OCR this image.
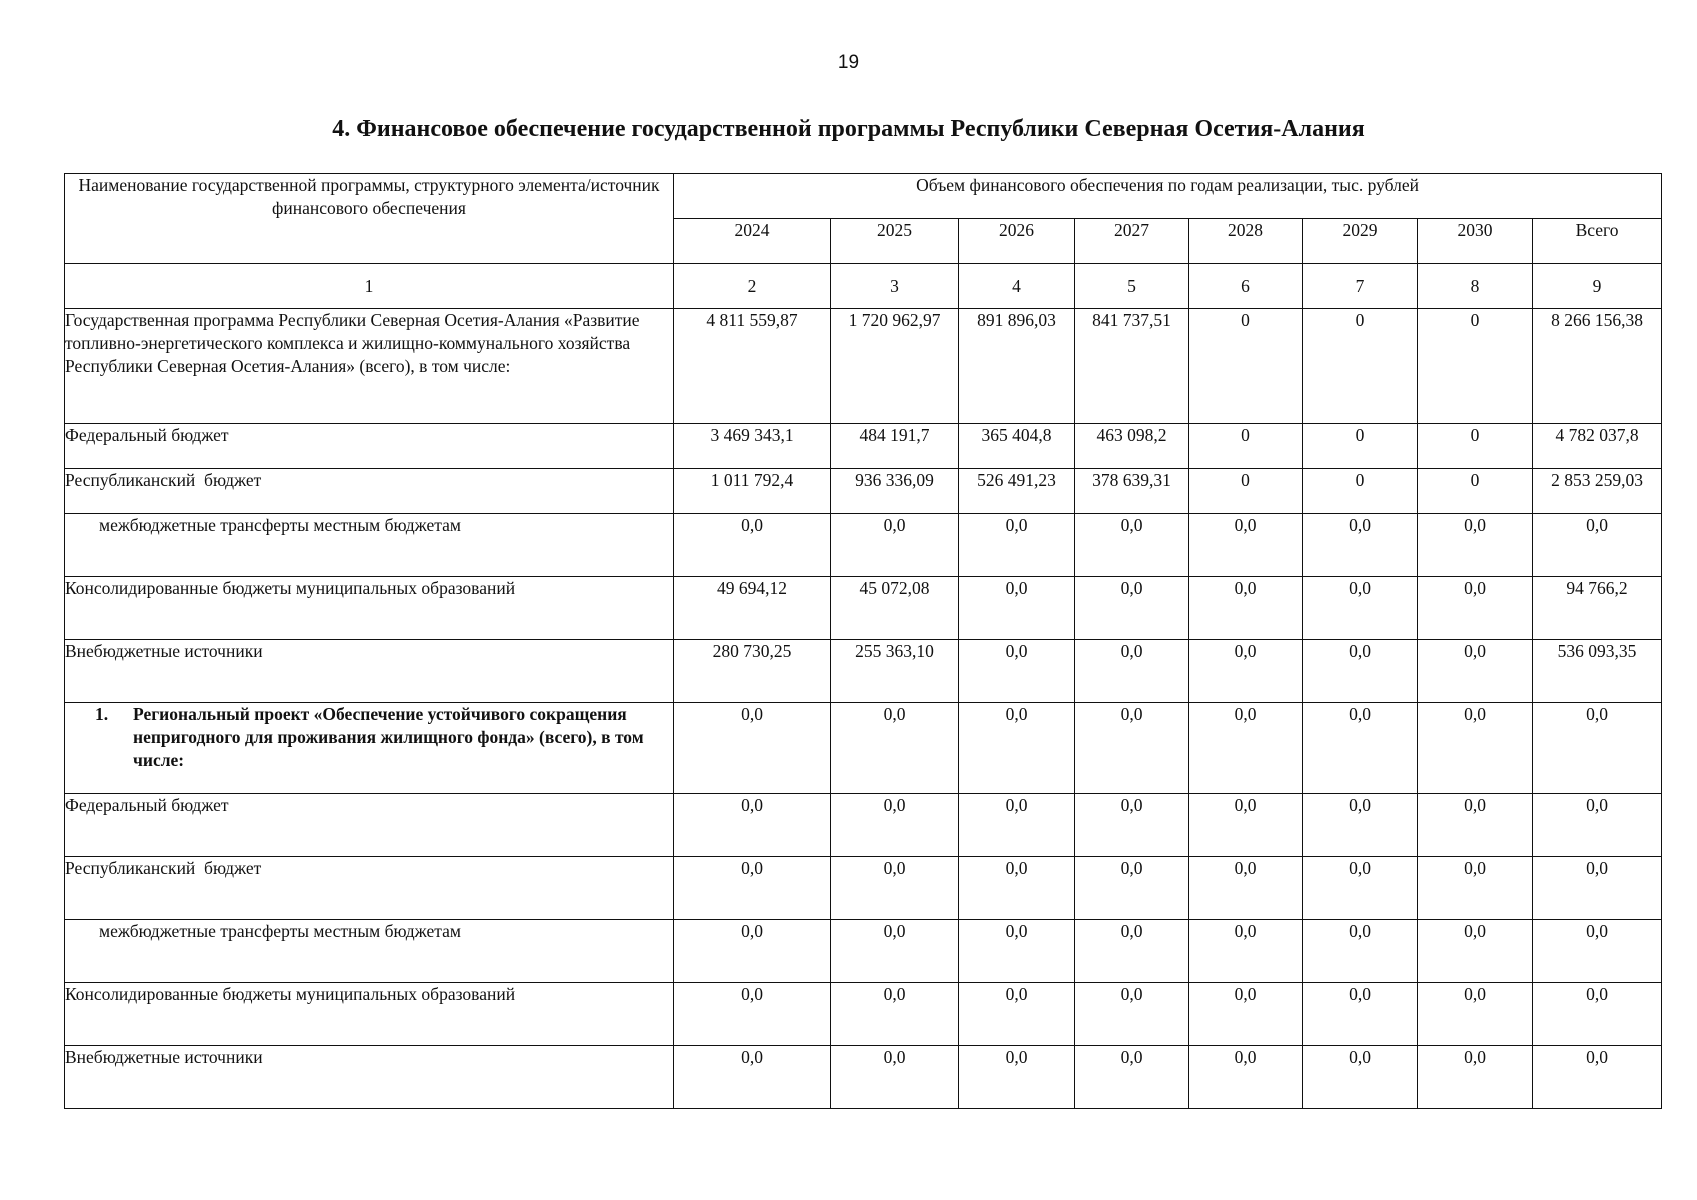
19
4. Финансовое обеспечение государственной программы Республики Северная Осетия-Алания
Наименование государственной программы, структурного элемента/источник финансового обеспечения	Объем финансового обеспечения по годам реализации, тыс. рублей							
	2024	2025	2026	2027	2028	2029	2030	Всего
1	2	3	4	5	6	7	8	9
Государственная программа Республики Северная Осетия-Алания «Развитие топливно-энергетического комплекса и жилищно-коммунального хозяйства Республики Северная Осетия-Алания» (всего), в том числе:	4 811 559,87	1 720 962,97	891 896,03	841 737,51	0	0	0	8 266 156,38
Федеральный бюджет	3 469 343,1	484 191,7	365 404,8	463 098,2	0	0	0	4 782 037,8
Республиканский  бюджет	1 011 792,4	936 336,09	526 491,23	378 639,31	0	0	0	2 853 259,03
межбюджетные трансферты местным бюджетам	0,0	0,0	0,0	0,0	0,0	0,0	0,0	0,0
Консолидированные бюджеты муниципальных образований	49 694,12	45 072,08	0,0	0,0	0,0	0,0	0,0	94 766,2
Внебюджетные источники	280 730,25	255 363,10	0,0	0,0	0,0	0,0	0,0	536 093,35

1. Региональный проект «Обеспечение устойчивого сокращения непригодного для проживания жилищного фонда» (всего), в том числе:	0,0	0,0	0,0	0,0	0,0	0,0	0,0	0,0
Федеральный бюджет	0,0	0,0	0,0	0,0	0,0	0,0	0,0	0,0
Республиканский  бюджет	0,0	0,0	0,0	0,0	0,0	0,0	0,0	0,0
межбюджетные трансферты местным бюджетам	0,0	0,0	0,0	0,0	0,0	0,0	0,0	0,0
Консолидированные бюджеты муниципальных образований	0,0	0,0	0,0	0,0	0,0	0,0	0,0	0,0
Внебюджетные источники	0,0	0,0	0,0	0,0	0,0	0,0	0,0	0,0
